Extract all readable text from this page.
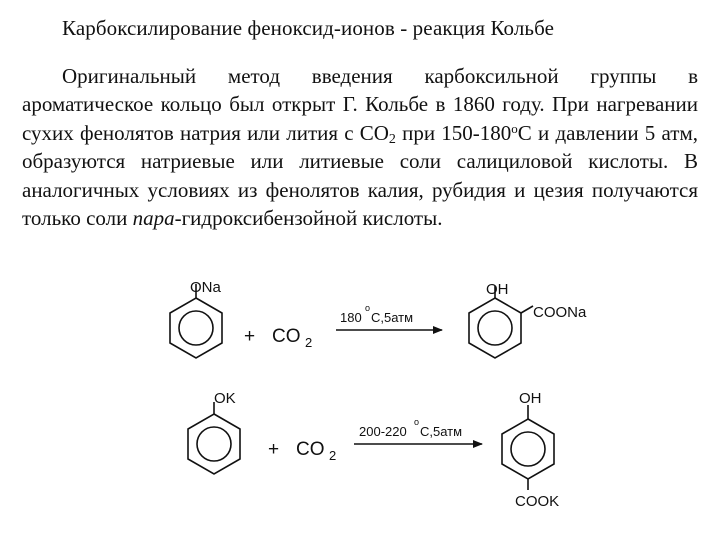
Карбоксилирование феноксид-ионов - реакция Кольбе

Оригинальный метод введения карбоксильной группы в ароматическое кольцо был открыт Г. Кольбе в 1860 году. При нагревании сухих фенолятов натрия или лития с $CO_2$ при 150-180$^o$C и давлении 5 атм, образуются натриевые или литиевые соли салициловой кислоты. В аналогичных условиях из фенолятов калия, рубидия и цезия получаются только соли пара-гидроксибензойной кислоты.

ONa
+ CO 2
180
o
C,5атм
OH
COONa
OK
+ CO 2
200-220
o
C,5атм
OH
COOK
